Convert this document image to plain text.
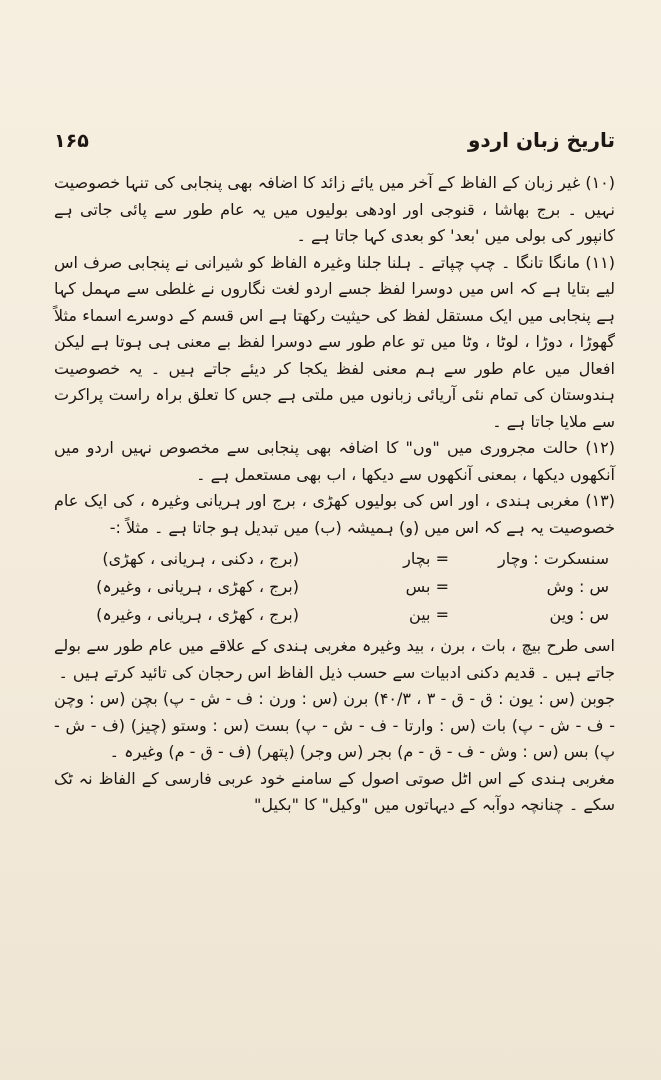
۱۶۵	تاریخ زبان اردو

(۱۰) غیر زبان کے الفاظ کے آخر میں یائے زائد کا اضافہ بھی پنجابی کی تنہا خصوصیت نہیں ۔ برج بھاشا ، قنوجی اور اودھی بولیوں میں یہ عام طور سے پائی جاتی ہے کانپور کی بولی میں 'بعد' کو بعدی کہا جاتا ہے ۔

(۱۱) مانگا تانگا ۔ چپ چپاتے ۔ ہلنا جلنا وغیرہ الفاظ کو شیرانی نے پنجابی صرف اس لیے بتایا ہے کہ اس میں دوسرا لفظ جسے اردو لغت نگاروں نے غلطی سے مہمل کہا ہے پنجابی میں ایک مستقل لفظ کی حیثیت رکھتا ہے اس قسم کے دوسرے اسماء مثلاً گھوڑا ، دوڑا ، لوٹا ، وٹا میں تو عام طور سے دوسرا لفظ بے معنی ہی ہوتا ہے لیکن افعال میں عام طور سے ہم معنی لفظ یکجا کر دیئے جاتے ہیں ۔ یہ خصوصیت ہندوستان کی تمام نئی آریائی زبانوں میں ملتی ہے جس کا تعلق براہ راست پراکرت سے ملایا جاتا ہے ۔

(۱۲) حالت مجروری میں "وں" کا اضافہ بھی پنجابی سے مخصوص نہیں اردو میں آنکھوں دیکھا ، بمعنی آنکھوں سے دیکھا ، اب بھی مستعمل ہے ۔

(۱۳) مغربی ہندی ، اور اس کی بولیوں کھڑی ، برج اور ہریانی وغیرہ ، کی ایک عام خصوصیت یہ ہے کہ اس میں (و) ہمیشہ (ب) میں تبدیل ہو جاتا ہے ۔ مثلاً :-

سنسکرت : وچار
= بچار
(برج ، دکنی ، ہریانی ، کھڑی)
س : وش
= بس
(برج ، کھڑی ، ہریانی ، وغیرہ)
س : وین
= بین
(برج ، کھڑی ، ہریانی ، وغیرہ)

اسی طرح بیچ ، بات ، برن ، بید وغیرہ مغربی ہندی کے علاقے میں عام طور سے بولے جاتے ہیں ۔ قدیم دکنی ادبیات سے حسب ذیل الفاظ اس رحجان کی تائید کرتے ہیں ۔

جوبن (س : یون : ق - ق - ۳ ، ۴۰/۳) برن (س : ورن : ف - ش - پ) بچن (س : وچن - ف - ش - پ) بات (س : وارتا - ف - ش - پ) بست (س : وستو (چیز) (ف - ش - پ) بس (س : وش - ف - ق - م) بجر (س وجر) (پتھر) (ف - ق - م) وغیرہ ۔

مغربی ہندی کے اس اٹل صوتی اصول کے سامنے خود عربی فارسی کے الفاظ نہ ٹک سکے ۔ چنانچہ دوآبہ کے دیہاتوں میں "وکیل" کا "بکیل"
